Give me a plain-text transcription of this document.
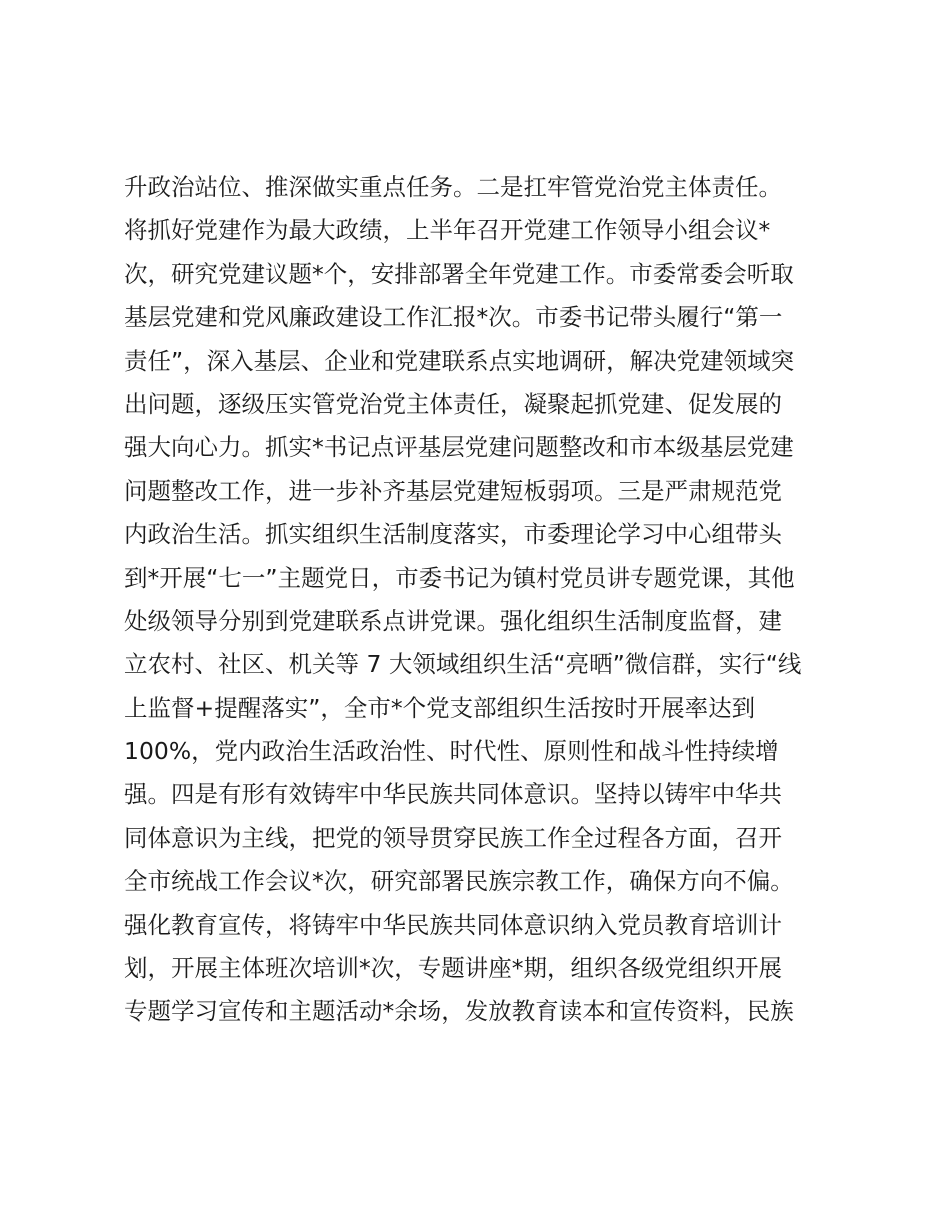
升政治站位、推深做实重点任务。二是扛牢管党治党主体责任。
将抓好党建作为最大政绩，上半年召开党建工作领导小组会议*
次，研究党建议题*个，安排部署全年党建工作。市委常委会听取
基层党建和党风廉政建设工作汇报*次。市委书记带头履行“第一
责任”，深入基层、企业和党建联系点实地调研，解决党建领域突
出问题，逐级压实管党治党主体责任，凝聚起抓党建、促发展的
强大向心力。抓实*书记点评基层党建问题整改和市本级基层党建
问题整改工作，进一步补齐基层党建短板弱项。三是严肃规范党
内政治生活。抓实组织生活制度落实，市委理论学习中心组带头
到*开展“七一”主题党日，市委书记为镇村党员讲专题党课，其他
处级领导分别到党建联系点讲党课。强化组织生活制度监督，建
立农村、社区、机关等 7 大领域组织生活“亮晒”微信群，实行“线
上监督+提醒落实”，全市*个党支部组织生活按时开展率达到
100%，党内政治生活政治性、时代性、原则性和战斗性持续增
强。四是有形有效铸牢中华民族共同体意识。坚持以铸牢中华共
同体意识为主线，把党的领导贯穿民族工作全过程各方面，召开
全市统战工作会议*次，研究部署民族宗教工作，确保方向不偏。
强化教育宣传，将铸牢中华民族共同体意识纳入党员教育培训计
划，开展主体班次培训*次，专题讲座*期，组织各级党组织开展
专题学习宣传和主题活动*余场，发放教育读本和宣传资料，民族
